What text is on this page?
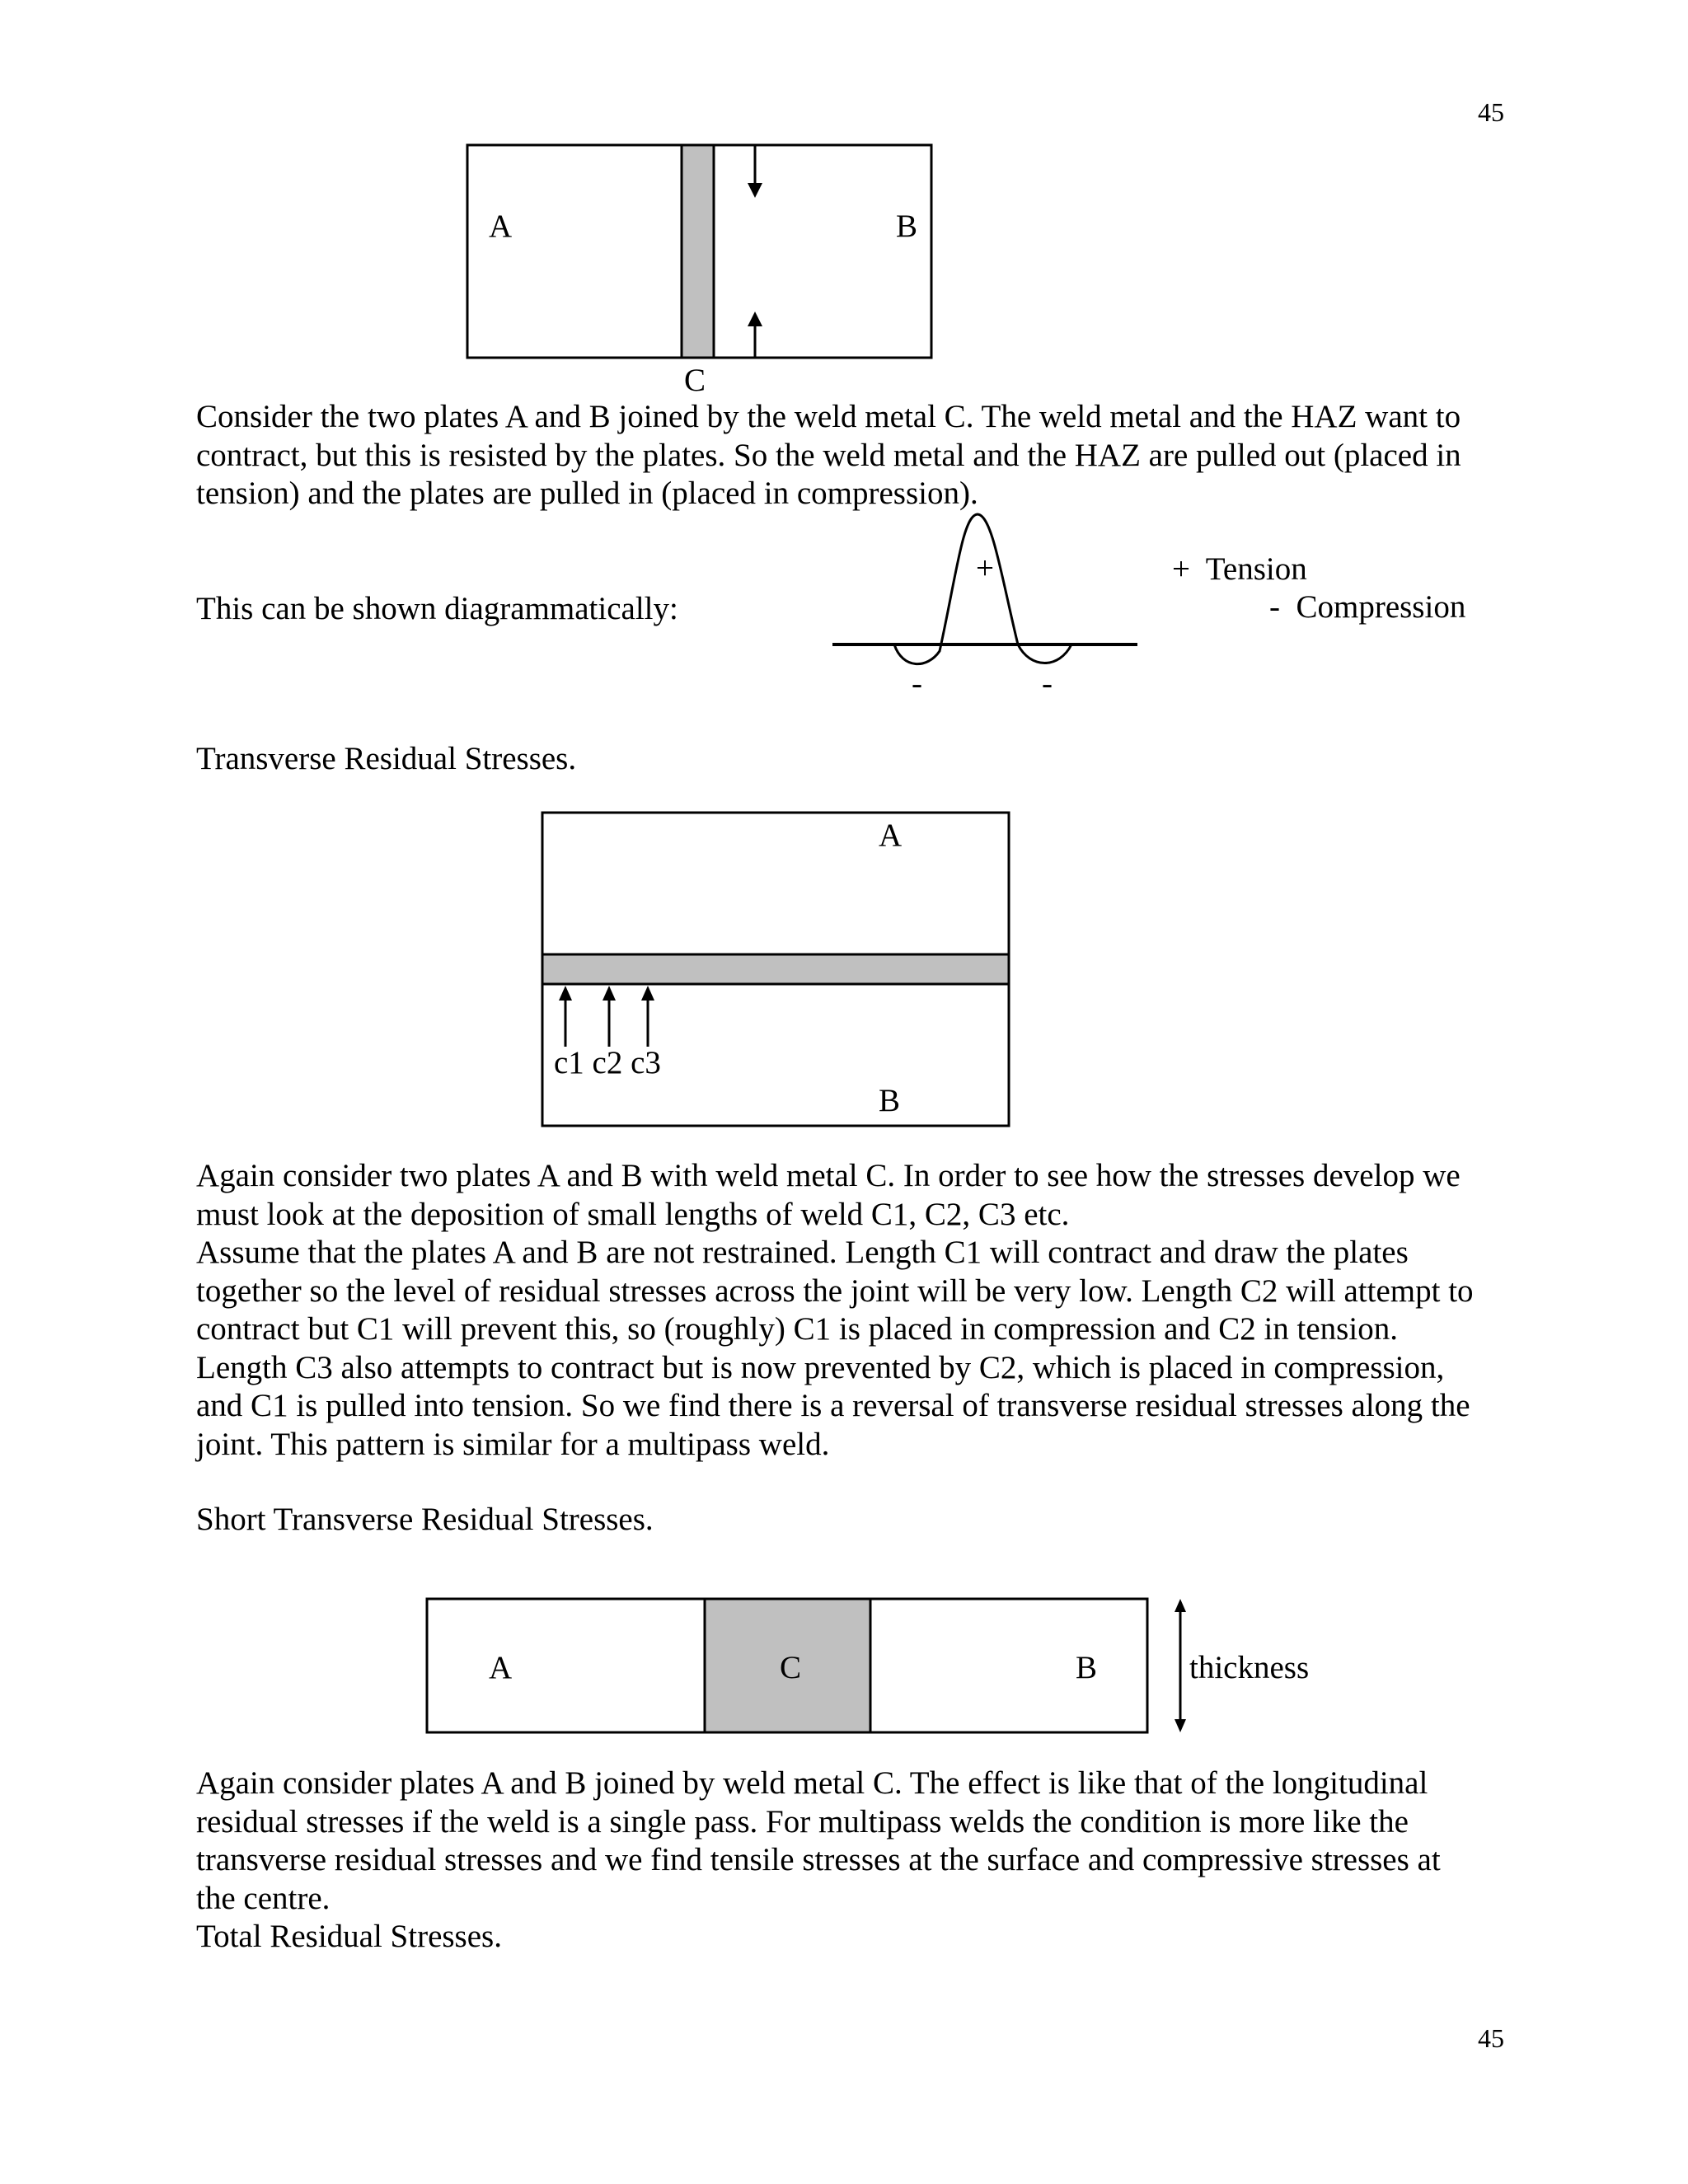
45
45
A	B
C
Consider the two plates A and B joined by the weld metal C. The weld metal and the HAZ want to
contract, but this is resisted by the plates. So the weld metal and the HAZ are pulled out (placed in
tension) and the plates are pulled in (placed in compression).
This can be shown diagrammatically:
+
-	-
+  Tension
-  Compression
Transverse Residual Stresses.
A
c1 c2 c3
B
Again consider two plates A and B with weld metal C. In order to see how the stresses develop we
must look at the deposition of small lengths of weld C1, C2, C3 etc.
Assume that the plates A and B are not restrained. Length C1 will contract and draw the plates
together so the level of residual stresses across the joint will be very low. Length C2 will attempt to
contract but C1 will prevent this, so (roughly) C1 is placed in compression and C2 in tension.
Length C3 also attempts to contract but is now prevented by C2, which is placed in compression,
and C1 is pulled into tension. So we find there is a reversal of transverse residual stresses along the
joint. This pattern is similar for a multipass weld.
Short Transverse Residual Stresses.
A	C	B	thickness
Again consider plates A and B joined by weld metal C. The effect is like that of the longitudinal
residual stresses if the weld is a single pass. For multipass welds the condition is more like the
transverse residual stresses and we find tensile stresses at the surface and compressive stresses at
the centre.
Total Residual Stresses.
